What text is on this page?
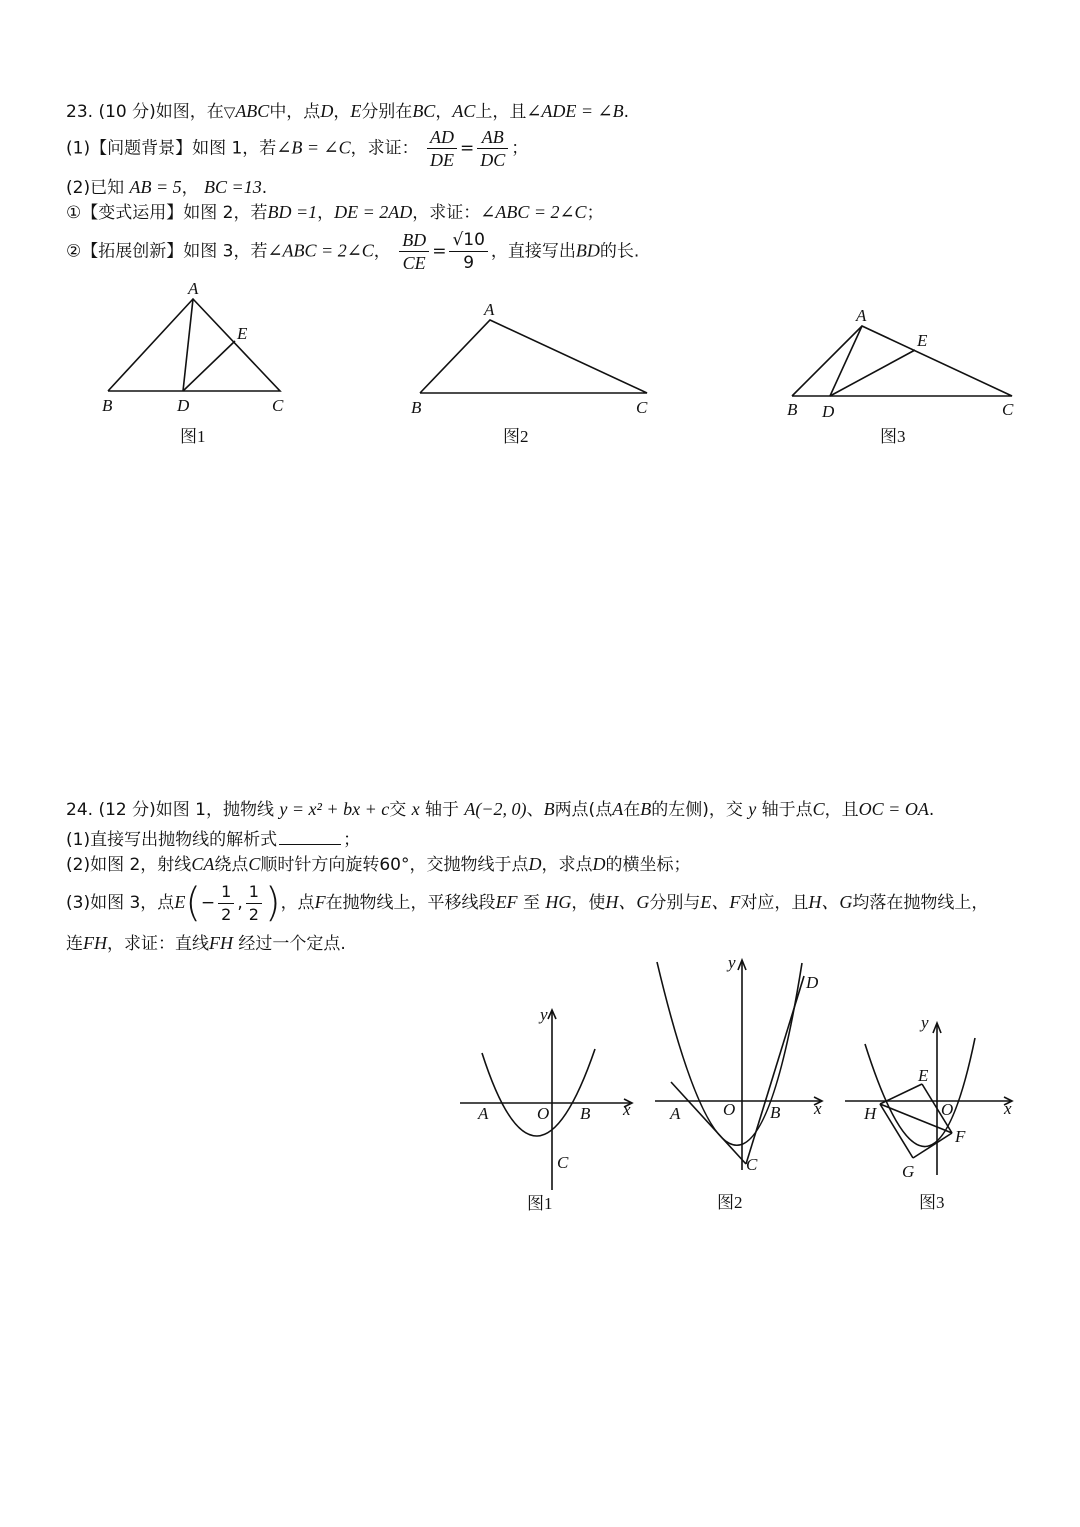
23. (10 分)如图，在▽ABC中，点D，E分别在BC，AC上，且∠ADE = ∠B.
(1)【问题背景】如图 1，若∠B = ∠C，求证： $\frac{AD}{DE} = \frac{AB}{DC}$ ；
(2)已知 AB = 5， BC =13.
①【变式运用】如图 2，若BD =1，DE = 2AD，求证：∠ABC = 2∠C；
②【拓展创新】如图 3，若∠ABC = 2∠C， $\frac{BD}{CE} = \frac{√10}{9}$ ，直接写出BD的长.
24. (12 分)如图 1，抛物线 y = x² + bx + c交 x 轴于 A(−2, 0)、B两点(点A在B的左侧)，交 y 轴于点C，且OC = OA.
(1)直接写出抛物线的解析式	；
(2)如图 2，射线CA绕点C顺时针方向旋转60°，交抛物线于点D，求点D的横坐标；
(3)如图 3，点$E(- \frac{1}{2}$ , $\frac{1}{2}$ )，点F在抛物线上，平移线段EF 至 HG，使H、G分别与E、F对应，且H、G均落在抛物线上，
连FH，求证：直线FH 经过一个定点.
A
B	D	C
E
图1
A
B	C
图2
A
E
B D	C
图3
y
x
A	O B
C
图1
y
x
D
A	O B
C
图2
y
x
E
H	O
F
G
图3
